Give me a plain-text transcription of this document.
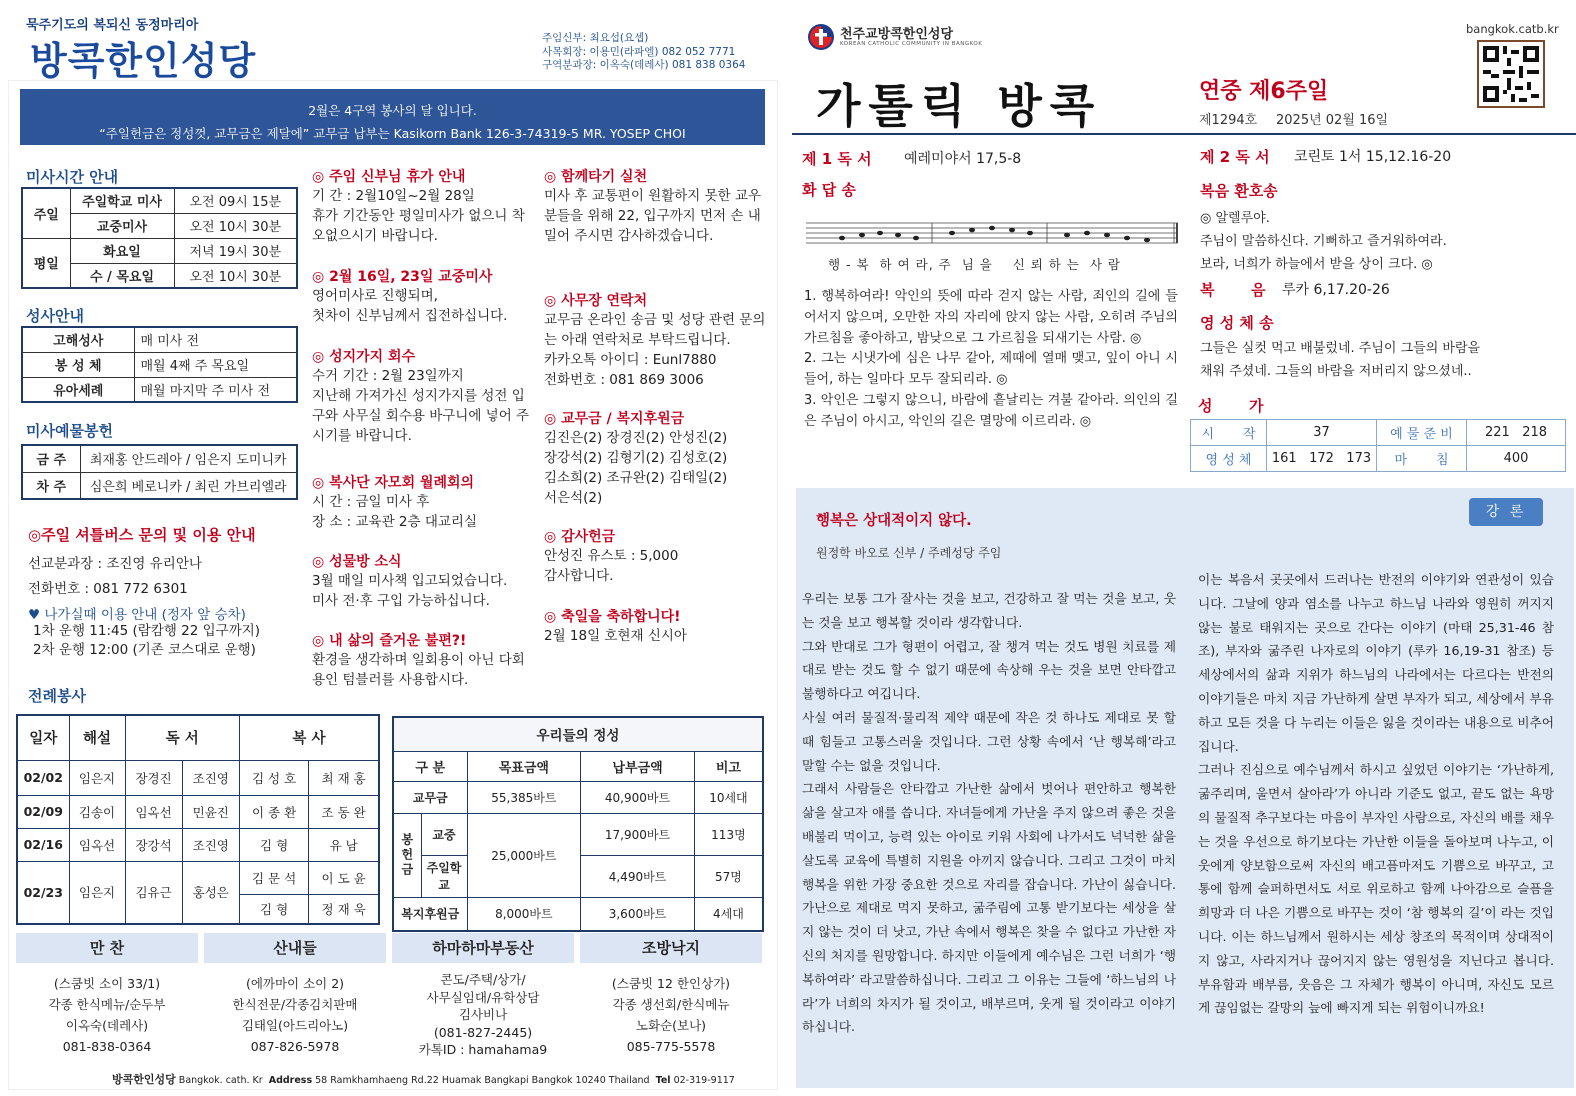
묵주기도의 복되신 동정마리아
방콕한인성당
주임신부: 최요섭(요셉)
사목회장: 이용민(라파엘) 082 052 7771
구역분과장: 이옥숙(데레사) 081 838 0364
2월은 4구역 봉사의 달 입니다.
“주일헌금은 정성껏, 교무금은 제달에” 교무금 납부는 Kasikorn Bank 126-3-74319-5 MR. YOSEP CHOI
미사시간 안내
주일	주일학교 미사	오전 09시 15분
	교중미사	오전 10시 30분
평일	화요일	저녁 19시 30분
	수 / 목요일	오전 10시 30분
성사안내
고해성사	매 미사 전
봉 성 체	매월 4째 주 목요일
유아세례	매월 마지막 주 미사 전
미사예물봉헌
금 주	최재홍 안드레아 / 임은지 도미니카
차 주	심은희 베로니카 / 최린 가브리엘라
◎주일 셔틀버스 문의 및 이용 안내
선교분과장 : 조진영 유리안나
전화번호 : 081 772 6301
♥ 나가실때 이용 안내 (정자 앞 승차)
1차 운행 11:45 (람캄행 22 입구까지)
2차 운행 12:00 (기존 코스대로 운행)
◎ 주임 신부님 휴가 안내
기 간 : 2월10일~2월 28일
휴가 기간동안 평일미사가 없으니 착오없으시기 바랍니다.
◎ 2월 16일, 23일 교중미사
영어미사로 진행되며,
첫차이 신부님께서 집전하십니다.
◎ 성지가지 회수
수거 기간 : 2월 23일까지
지난해 가져가신 성지가지를 성전 입구와 사무실 회수용 바구니에 넣어 주시기를 바랍니다.
◎ 복사단 자모회 월례회의
시 간 : 금일 미사 후
장 소 : 교육관 2층 대교리실
◎ 성물방 소식
3월 매일 미사책 입고되었습니다.
미사 전·후 구입 가능하십니다.
◎ 내 삶의 즐거운 불편?!
환경을 생각하며 일회용이 아닌 다회용인 텀블러를 사용합시다.
◎ 함께타기 실천
미사 후 교통편이 원활하지 못한 교우분들을 위해 22, 입구까지 먼저 손 내밀어 주시면 감사하겠습니다.
◎ 사무장 연락처
교무금 온라인 송금 및 성당 관련 문의는 아래 연락처로 부탁드립니다.
카카오톡 아이디 : Eunl7880
전화번호 : 081 869 3006
◎ 교무금 / 복지후원금
김진은(2) 장경진(2) 안성진(2)
장강석(2) 김형기(2) 김성호(2)
김소희(2) 조규완(2) 김태일(2)
서은석(2)
◎ 감사헌금
안성진 유스토 : 5,000
감사합니다.
◎ 축일을 축하합니다!
2월 18일 호현재 신시아
전례봉사
일자	해설	독 서		복 사	
02/02	임은지	장경진	조진영	김 성 호	최 재 홍
02/09	김송이	임옥선	민윤진	이 종 환	조 동 완
02/16	임옥선	장강석	조진영	김 형	유 남
02/23	임은지	김유근	홍성은	김 문 석	이 도 윤
				김 형	정 재 욱
우리들의 정성				
구 분		목표금액	납부금액	비고
교무금		55,385바트	40,900바트	10세대
봉헌금	교중	25,000바트	17,900바트	113명
	주일학교		4,490바트	57명
복지후원금		8,000바트	3,600바트	4세대
만 찬
(스쿰빗 소이 33/1)
각종 한식메뉴/순두부
이옥숙(데레사)
081-838-0364
산내들
(에까마이 소이 2)
한식전문/각종김치판매
김태일(아드리아노)
087-826-5978
하마하마부동산
콘도/주택/상가/
사무실임대/유학상담
김사비나
(081-827-2445)
카톡ID : hamahama9
조방낙지
(스쿰빗 12 한인상가)
각종 생선회/한식메뉴
노화순(보나)
085-775-5578
방콕한인성당 Bangkok. cath. Kr Address 58 Ramkhamhaeng Rd.22 Huamak Bangkapi Bangkok 10240 Thailand Tel 02-319-9117
천주교방콕한인성당
KOREAN CATHOLIC COMMUNITY IN BANGKOK
bangkok.catb.kr
가톨릭 방콕	연중 제6주일
제1294호 2025년 02월 16일
제 1 독 서 예레미야서 17,5-8
화 답 송
행 - 복  하 여 라, 주  님 을    신 뢰 하 는  사 람
1. 행복하여라! 악인의 뜻에 따라 걷지 않는 사람, 죄인의 길에 들어서지 않으며, 오만한 자의 자리에 앉지 않는 사람, 오히려 주님의 가르침을 좋아하고, 밤낮으로 그 가르침을 되새기는 사람. ◎
2. 그는 시냇가에 심은 나무 같아, 제때에 열매 맺고, 잎이 아니 시들어, 하는 일마다 모두 잘되리라. ◎
3. 악인은 그렇지 않으니, 바람에 흩날리는 겨불 같아라. 의인의 길은 주님이 아시고, 악인의 길은 멸망에 이르리라. ◎
제 2 독 서 코린토 1서 15,12.16-20
복음 환호송
◎ 알렐루야.
주님이 말씀하신다. 기뻐하고 즐거워하여라.
보라, 너희가 하늘에서 받을 상이 크다. ◎
복       음 루카 6,17.20-26
영 성 체 송
그들은 실컷 먹고 배불렀네. 주님이 그들의 바람을
채워 주셨네. 그들의 바람을 저버리지 않으셨네..
성       가
시       작	37	예 물 준 비	221   218
영 성 체	161   172   173	마       침	400
강 론
행복은 상대적이지 않다.
원정학 바오로 신부 / 주례성당 주임
우리는 보통 그가 잘사는 것을 보고, 건강하고 잘 먹는 것을 보고, 웃는 것을 보고 행복할 것이라 생각합니다.
그와 반대로 그가 형편이 어렵고, 잘 챙겨 먹는 것도 병원 치료를 제대로 받는 것도 할 수 없기 때문에 속상해 우는 것을 보면 안타깝고 불행하다고 여깁니다.
사실 여러 물질적·물리적 제약 때문에 작은 것 하나도 제대로 못 할 때 힘들고 고통스러울 것입니다. 그런 상황 속에서 ‘난 행복해’라고 말할 수는 없을 것입니다.
그래서 사람들은 안타깝고 가난한 삶에서 벗어나 편안하고 행복한 삶을 살고자 애를 씁니다. 자녀들에게 가난을 주지 않으려 좋은 것을 배불리 먹이고, 능력 있는 아이로 키워 사회에 나가서도 넉넉한 삶을 살도록 교육에 특별히 지원을 아끼지 않습니다. 그리고 그것이 마치 행복을 위한 가장 중요한 것으로 자리를 잡습니다. 가난이 싫습니다. 가난으로 제대로 먹지 못하고, 굶주림에 고통 받기보다는 세상을 살지 않는 것이 더 낫고, 가난 속에서 행복은 찾을 수 없다고 가난한 자신의 처지를 원망합니다. 하지만 이들에게 예수님은 그런 너희가 ‘행복하여라’ 라고말씀하십니다. 그리고 그 이유는 그들에 ‘하느님의 나라’가 너희의 차지가 될 것이고, 배부르며, 웃게 될 것이라고 이야기 하십니다.
이는 복음서 곳곳에서 드러나는 반전의 이야기와 연관성이 있습니다. 그날에 양과 염소를 나누고 하느님 나라와 영원히 꺼지지 않는 불로 태워지는 곳으로 간다는 이야기 (마태 25,31-46 참조), 부자와 굶주린 나자로의 이야기 (루카 16,19-31 참조) 등 세상에서의 삶과 지위가 하느님의 나라에서는 다르다는 반전의 이야기들은 마치 지금 가난하게 살면 부자가 되고, 세상에서 부유하고 모든 것을 다 누리는 이들은 잃을 것이라는 내용으로 비추어 집니다.
그러나 진심으로 예수님께서 하시고 싶었던 이야기는 ‘가난하게, 굶주리며, 울면서 살아라’가 아니라 기준도 없고, 끝도 없는 욕망의 물질적 추구보다는 마음이 부자인 사람으로, 자신의 배를 채우는 것을 우선으로 하기보다는 가난한 이들을 돌아보며 나누고, 이웃에게 양보함으로써 자신의 배고픔마저도 기쁨으로 바꾸고, 고통에 함께 슬퍼하면서도 서로 위로하고 함께 나아감으로 슬픔을 희망과 더 나은 기쁨으로 바꾸는 것이 ‘참 행복의 길’이 라는 것입니다. 이는 하느님께서 원하시는 세상 창조의 목적이며 상대적이지 않고, 사라지거나 끊어지지 않는 영원성을 지닌다고 봅니다. 부유함과 배부름, 웃음은 그 자체가 행복이 아니며, 자신도 모르게 끊임없는 갈망의 늪에 빠지게 되는 위험이니까요!
